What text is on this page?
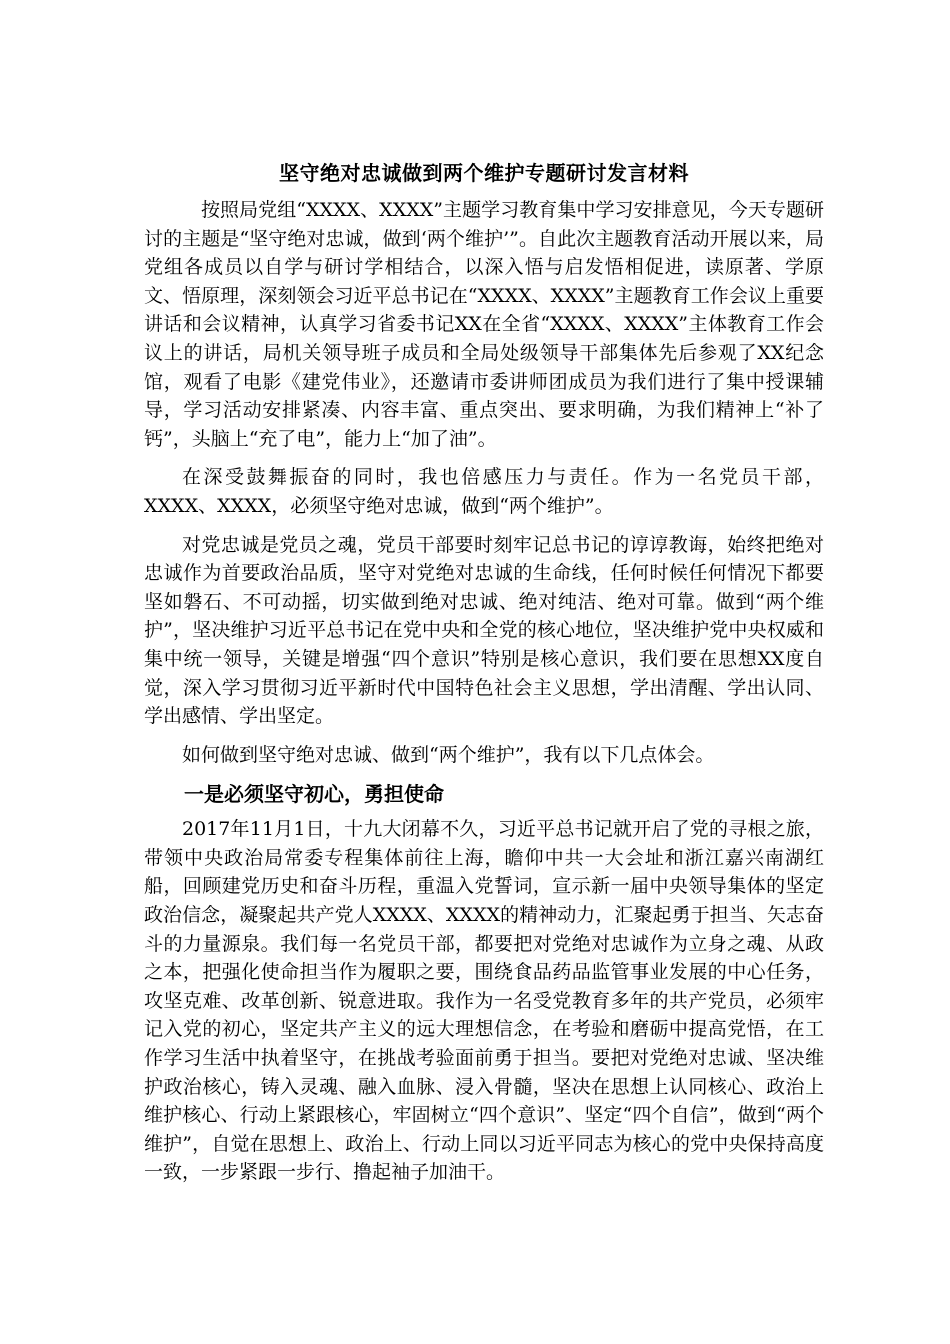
坚守绝对忠诚做到两个维护专题研讨发言材料

按照局党组“XXXX、XXXX”主题学习教育集中学习安排意见，今天专题研讨的主题是“坚守绝对忠诚，做到‘两个维护’”。自此次主题教育活动开展以来，局党组各成员以自学与研讨学相结合，以深入悟与启发悟相促进，读原著、学原文、悟原理，深刻领会习近平总书记在“XXXX、XXXX”主题教育工作会议上重要讲话和会议精神，认真学习省委书记XX在全省“XXXX、XXXX”主体教育工作会议上的讲话，局机关领导班子成员和全局处级领导干部集体先后参观了XX纪念馆，观看了电影《建党伟业》，还邀请市委讲师团成员为我们进行了集中授课辅导，学习活动安排紧凑、内容丰富、重点突出、要求明确，为我们精神上“补了钙”，头脑上“充了电”，能力上“加了油”。

在深受鼓舞振奋的同时，我也倍感压力与责任。作为一名党员干部，XXXX、XXXX，必须坚守绝对忠诚，做到“两个维护”。

对党忠诚是党员之魂，党员干部要时刻牢记总书记的谆谆教诲，始终把绝对忠诚作为首要政治品质，坚守对党绝对忠诚的生命线，任何时候任何情况下都要坚如磐石、不可动摇，切实做到绝对忠诚、绝对纯洁、绝对可靠。做到“两个维护”，坚决维护习近平总书记在党中央和全党的核心地位，坚决维护党中央权威和集中统一领导，关键是增强“四个意识”特别是核心意识，我们要在思想XX度自觉，深入学习贯彻习近平新时代中国特色社会主义思想，学出清醒、学出认同、学出感情、学出坚定。

如何做到坚守绝对忠诚、做到“两个维护”，我有以下几点体会。

一是必须坚守初心，勇担使命

2017年11月1日，十九大闭幕不久，习近平总书记就开启了党的寻根之旅，带领中央政治局常委专程集体前往上海，瞻仰中共一大会址和浙江嘉兴南湖红船，回顾建党历史和奋斗历程，重温入党誓词，宣示新一届中央领导集体的坚定政治信念，凝聚起共产党人XXXX、XXXX的精神动力，汇聚起勇于担当、矢志奋斗的力量源泉。我们每一名党员干部，都要把对党绝对忠诚作为立身之魂、从政之本，把强化使命担当作为履职之要，围绕食品药品监管事业发展的中心任务，攻坚克难、改革创新、锐意进取。我作为一名受党教育多年的共产党员，必须牢记入党的初心，坚定共产主义的远大理想信念，在考验和磨砺中提高党悟，在工作学习生活中执着坚守，在挑战考验面前勇于担当。要把对党绝对忠诚、坚决维护政治核心，铸入灵魂、融入血脉、浸入骨髓，坚决在思想上认同核心、政治上维护核心、行动上紧跟核心，牢固树立“四个意识”、坚定“四个自信”，做到“两个维护”，自觉在思想上、政治上、行动上同以习近平同志为核心的党中央保持高度一致，一步紧跟一步行、撸起袖子加油干。
